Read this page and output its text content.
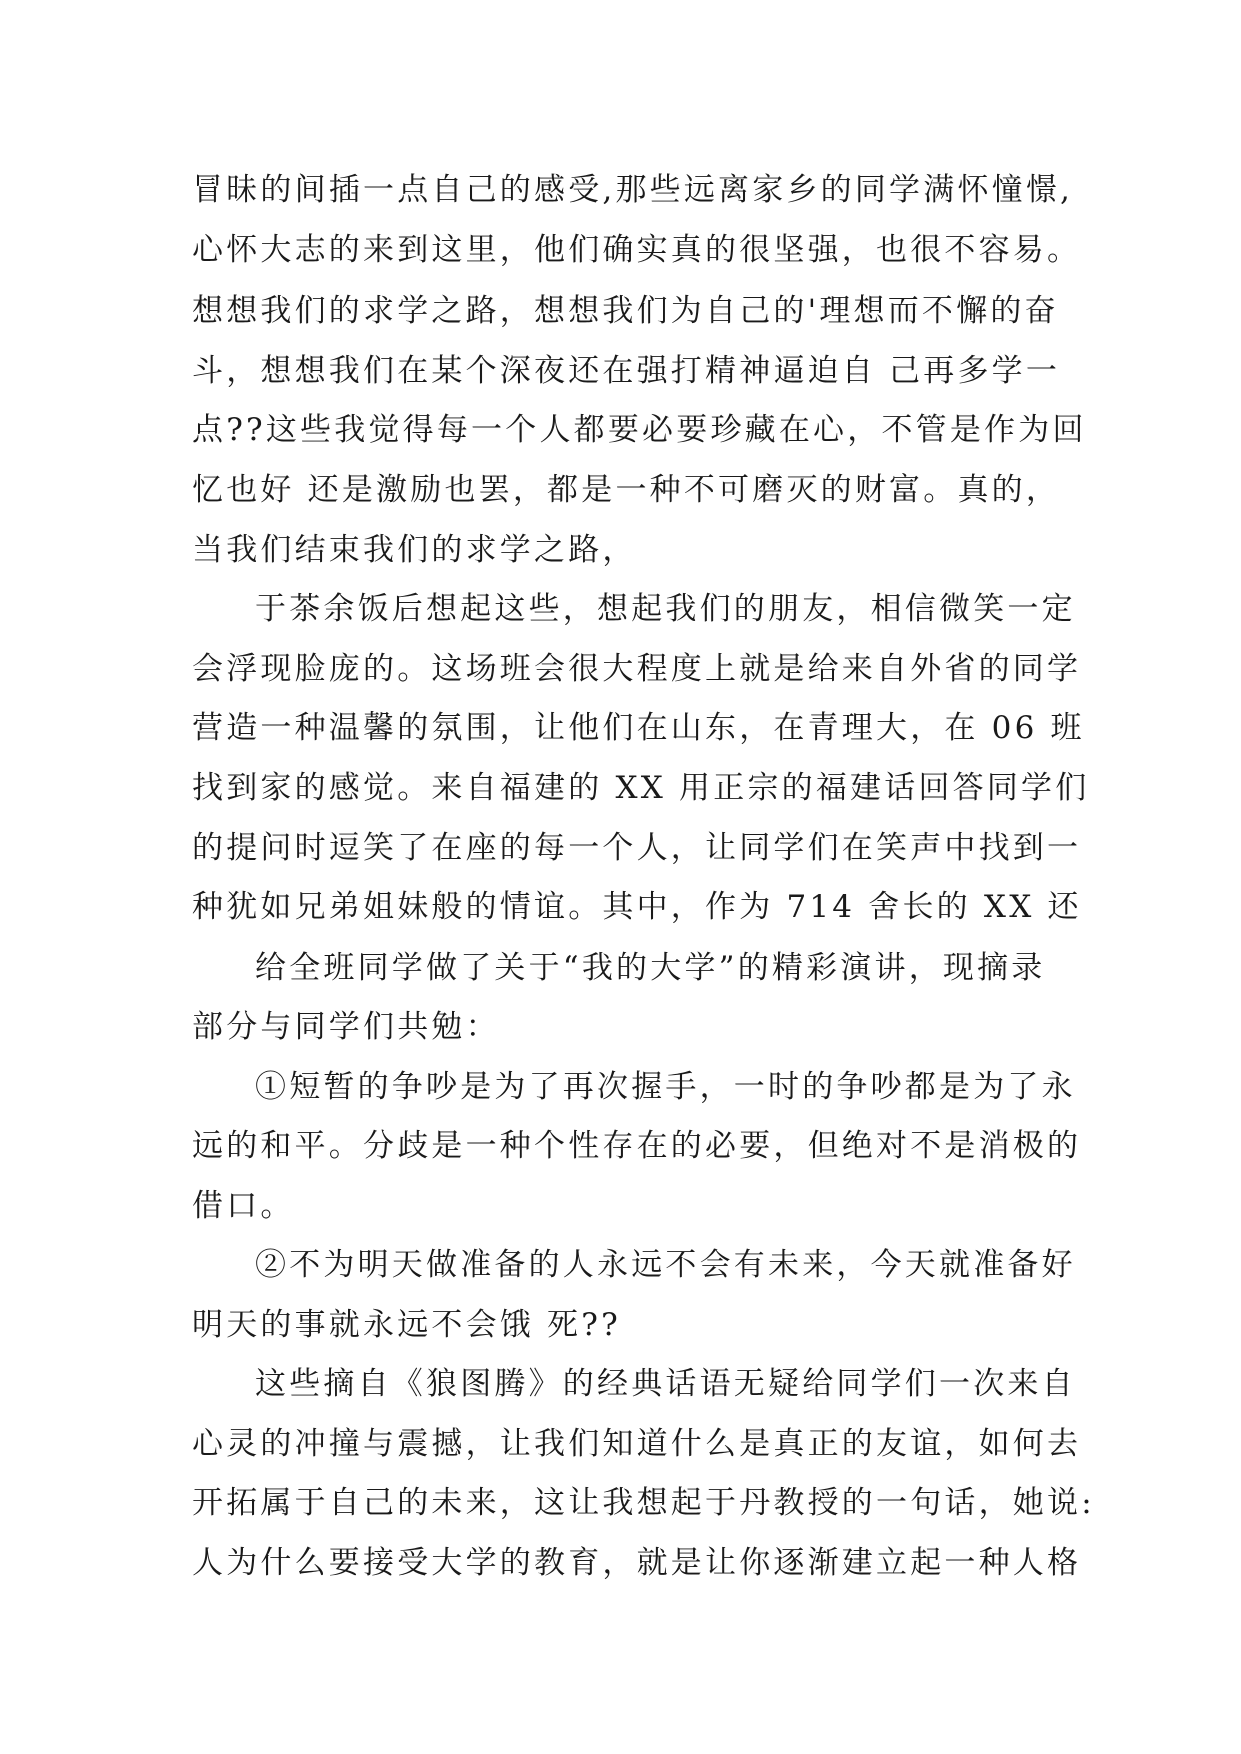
冒昧的间插一点自己的感受,那些远离家乡的同学满怀憧憬,
心怀大志的来到这里，他们确实真的很坚强，也很不容易。
想想我们的求学之路，想想我们为自己的'理想而不懈的奋
斗，想想我们在某个深夜还在强打精神逼迫自 己再多学一
点??这些我觉得每一个人都要必要珍藏在心，不管是作为回
忆也好 还是激励也罢，都是一种不可磨灭的财富。真的，
当我们结束我们的求学之路，
于茶余饭后想起这些，想起我们的朋友，相信微笑一定
会浮现脸庞的。这场班会很大程度上就是给来自外省的同学
营造一种温馨的氛围，让他们在山东，在青理大，在 06 班
找到家的感觉。来自福建的 XX 用正宗的福建话回答同学们
的提问时逗笑了在座的每一个人，让同学们在笑声中找到一
种犹如兄弟姐妹般的情谊。其中，作为 714 舍长的 XX 还
给全班同学做了关于“我的大学”的精彩演讲，现摘录
部分与同学们共勉：
①短暂的争吵是为了再次握手，一时的争吵都是为了永
远的和平。分歧是一种个性存在的必要，但绝对不是消极的
借口。
②不为明天做准备的人永远不会有未来，今天就准备好
明天的事就永远不会饿 死??
这些摘自《狼图腾》的经典话语无疑给同学们一次来自
心灵的冲撞与震撼，让我们知道什么是真正的友谊，如何去
开拓属于自己的未来，这让我想起于丹教授的一句话，她说:
人为什么要接受大学的教育，就是让你逐渐建立起一种人格
